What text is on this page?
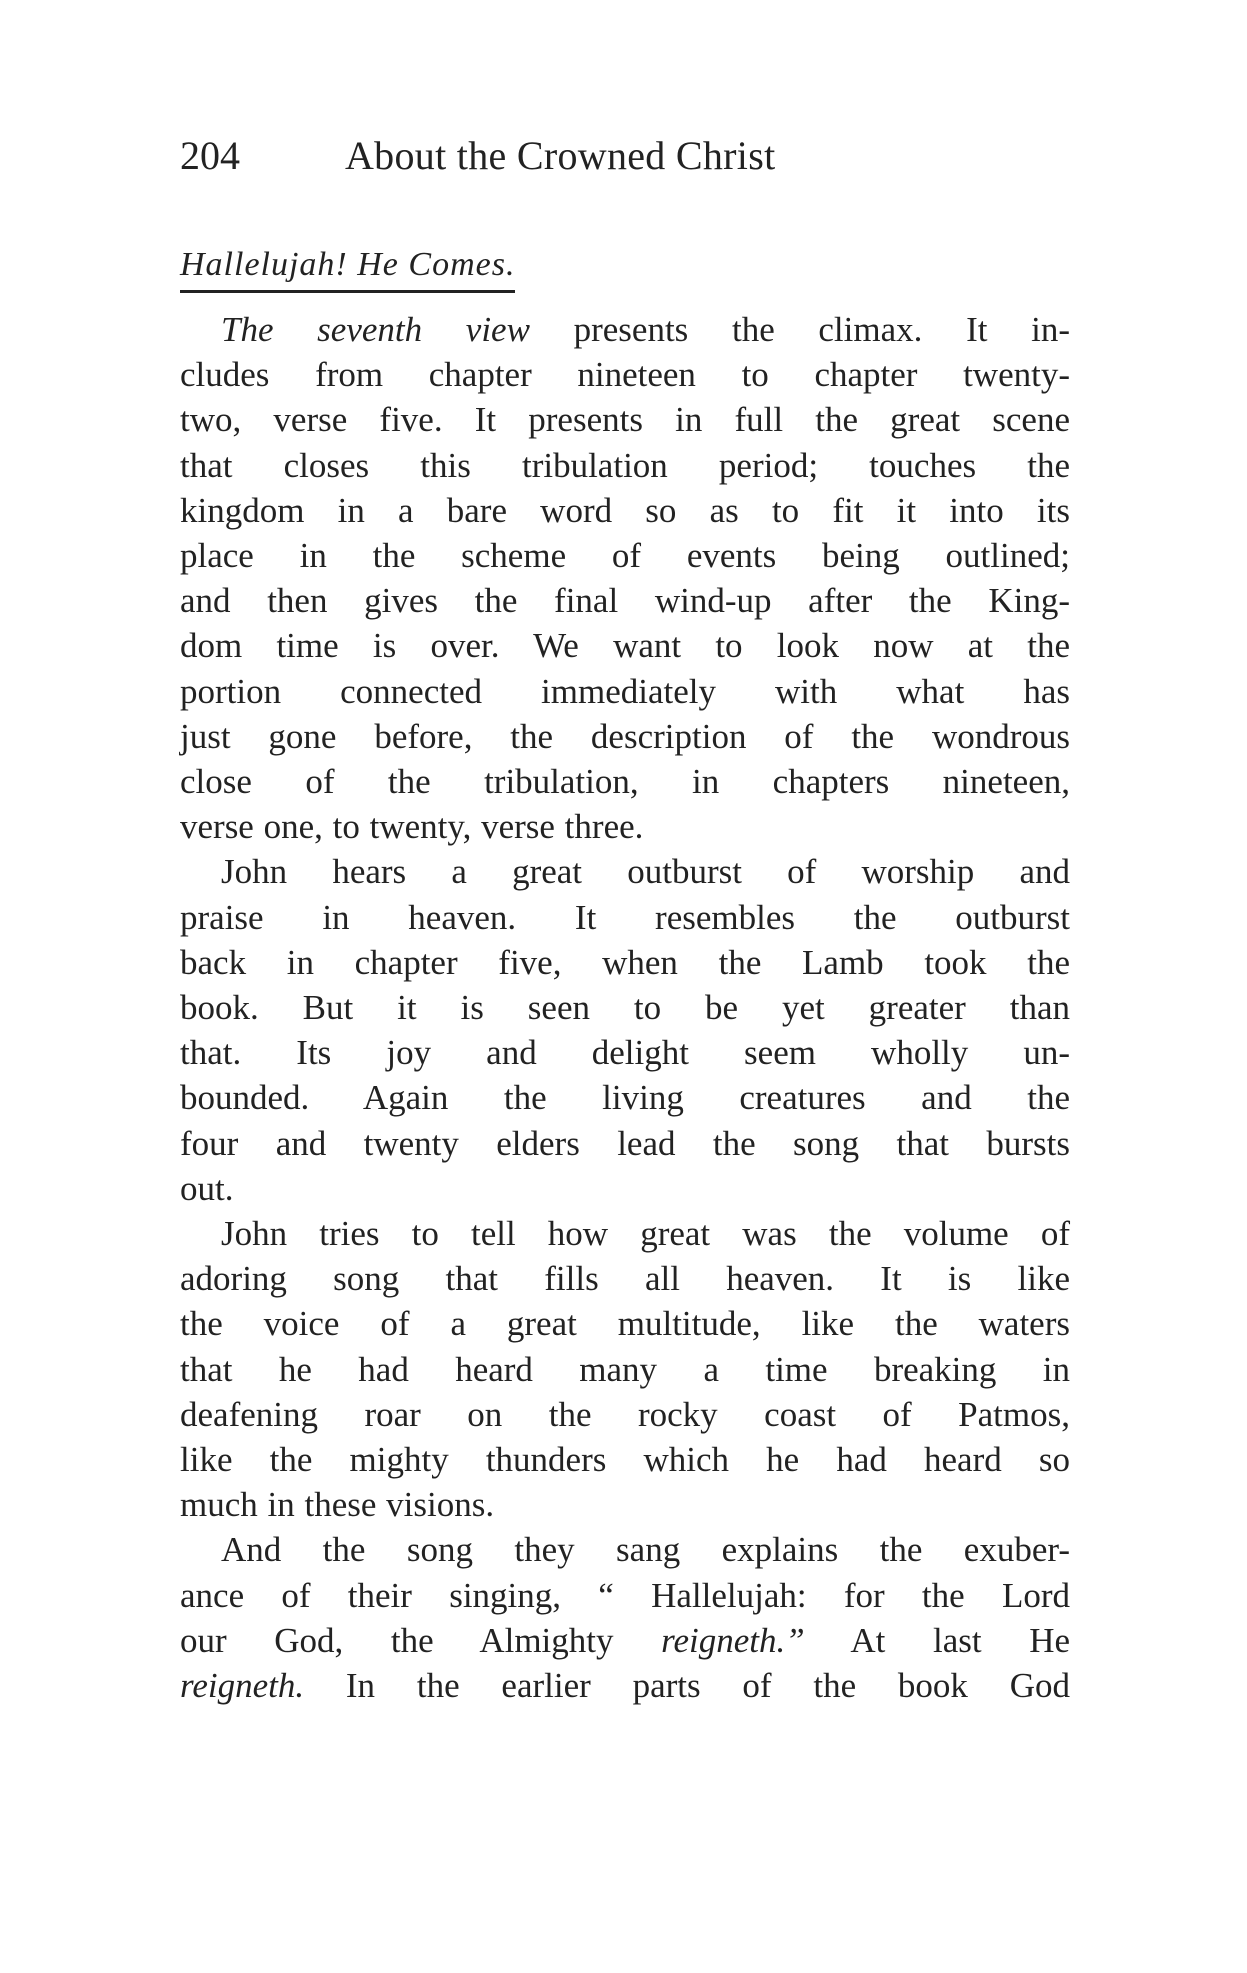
204	About the Crowned Christ
Hallelujah! He Comes.

The seventh view presents the climax. It in-
cludes from chapter nineteen to chapter twenty-
two, verse five. It presents in full the great scene
that closes this tribulation period; touches the
kingdom in a bare word so as to fit it into its
place in the scheme of events being outlined;
and then gives the final wind-up after the King-
dom time is over. We want to look now at the
portion connected immediately with what has
just gone before, the description of the wondrous
close of the tribulation, in chapters nineteen,
verse one, to twenty, verse three.

John hears a great outburst of worship and
praise in heaven. It resembles the outburst
back in chapter five, when the Lamb took the
book. But it is seen to be yet greater than
that. Its joy and delight seem wholly un-
bounded. Again the living creatures and the
four and twenty elders lead the song that bursts
out.

John tries to tell how great was the volume of
adoring song that fills all heaven. It is like
the voice of a great multitude, like the waters
that he had heard many a time breaking in
deafening roar on the rocky coast of Patmos,
like the mighty thunders which he had heard so
much in these visions.

And the song they sang explains the exuber-
ance of their singing, “ Hallelujah: for the Lord
our God, the Almighty reigneth.” At last He
reigneth. In the earlier parts of the book God
